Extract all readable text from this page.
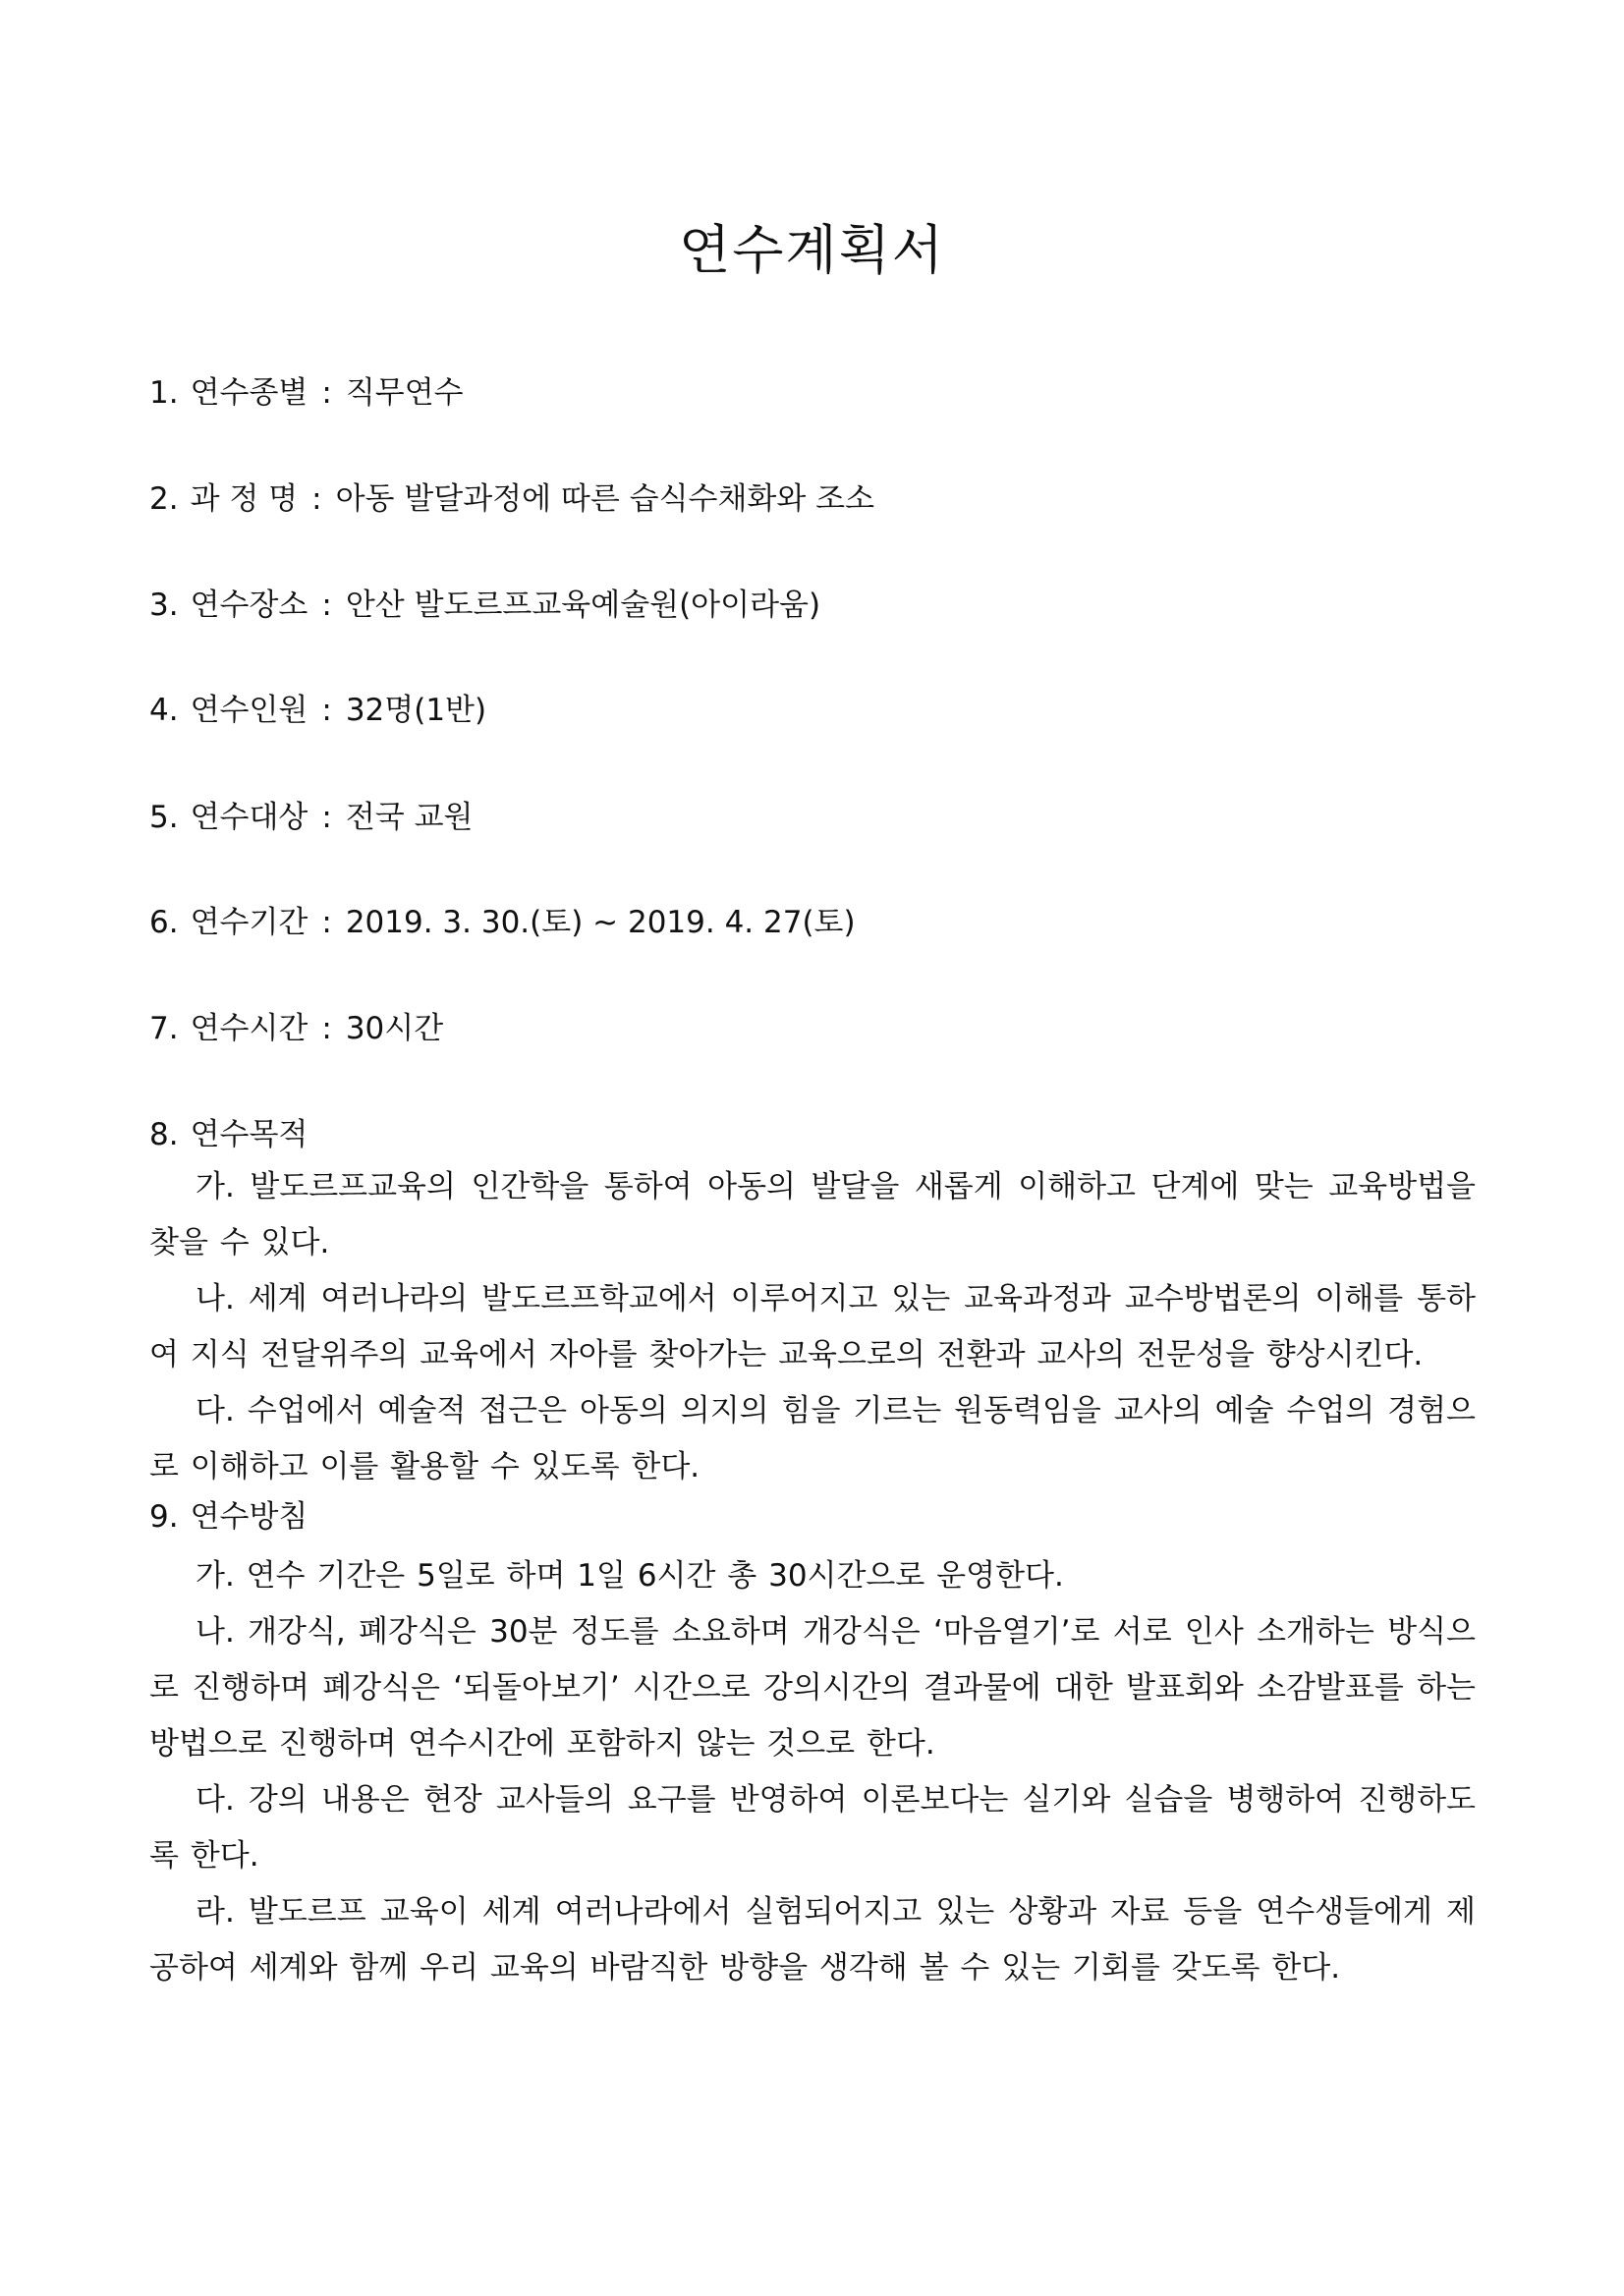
연수계획서
1. 연수종별 : 직무연수
2. 과 정 명 : 아동 발달과정에 따른 습식수채화와 조소
3. 연수장소 : 안산 발도르프교육예술원(아이라움)
4. 연수인원 : 32명(1반)
5. 연수대상 : 전국 교원
6. 연수기간 : 2019. 3. 30.(토) ~ 2019. 4. 27(토)
7. 연수시간 : 30시간
8. 연수목적
가. 발도르프교육의 인간학을 통하여 아동의 발달을 새롭게 이해하고 단계에 맞는 교육방법을 찾을 수 있다.
나. 세계 여러나라의 발도르프학교에서 이루어지고 있는 교육과정과 교수방법론의 이해를 통하여 지식 전달위주의 교육에서 자아를 찾아가는 교육으로의 전환과 교사의 전문성을 향상시킨다.
다. 수업에서 예술적 접근은 아동의 의지의 힘을 기르는 원동력임을 교사의 예술 수업의 경험으로 이해하고 이를 활용할 수 있도록 한다.
9. 연수방침
가. 연수 기간은 5일로 하며 1일 6시간 총 30시간으로 운영한다.
나. 개강식, 폐강식은 30분 정도를 소요하며 개강식은 ‘마음열기’로 서로 인사 소개하는 방식으로 진행하며 폐강식은 ‘되돌아보기’ 시간으로 강의시간의 결과물에 대한 발표회와 소감발표를 하는 방법으로 진행하며 연수시간에 포함하지 않는 것으로 한다.
다. 강의 내용은 현장 교사들의 요구를 반영하여 이론보다는 실기와 실습을 병행하여 진행하도록 한다.
라. 발도르프 교육이 세계 여러나라에서 실험되어지고 있는 상황과 자료 등을 연수생들에게 제공하여 세계와 함께 우리 교육의 바람직한 방향을 생각해 볼 수 있는 기회를 갖도록 한다.
